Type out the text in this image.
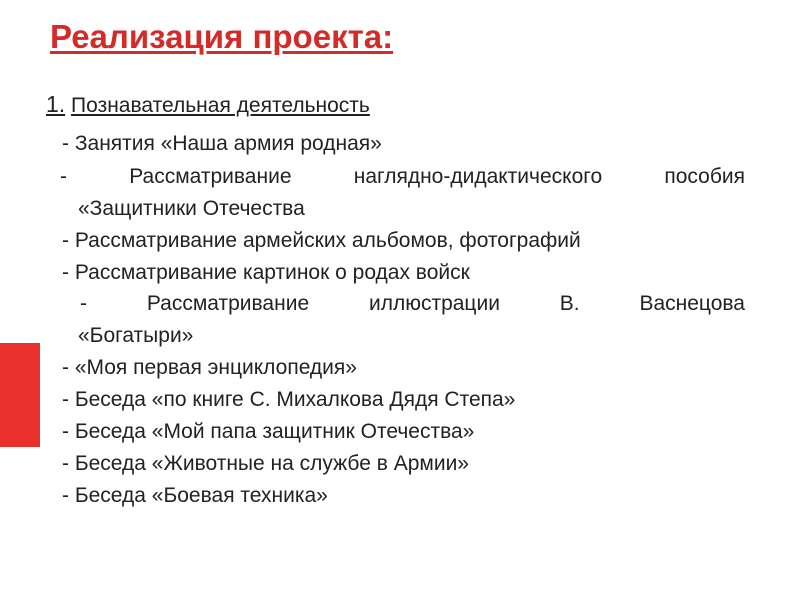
Реализация проекта:
1. Познавательная деятельность
- Занятия «Наша армия родная»
-	Рассматривание	наглядно-дидактического	пособия
«Защитники Отечества
- Рассматривание армейских альбомов, фотографий
- Рассматривание картинок о родах войск
-	Рассматривание	иллюстрации	В.	Васнецова
«Богатыри»
- «Моя первая энциклопедия»
- Беседа «по книге С. Михалкова Дядя Степа»
- Беседа «Мой папа защитник Отечества»
- Беседа «Животные на службе в Армии»
- Беседа «Боевая техника»
